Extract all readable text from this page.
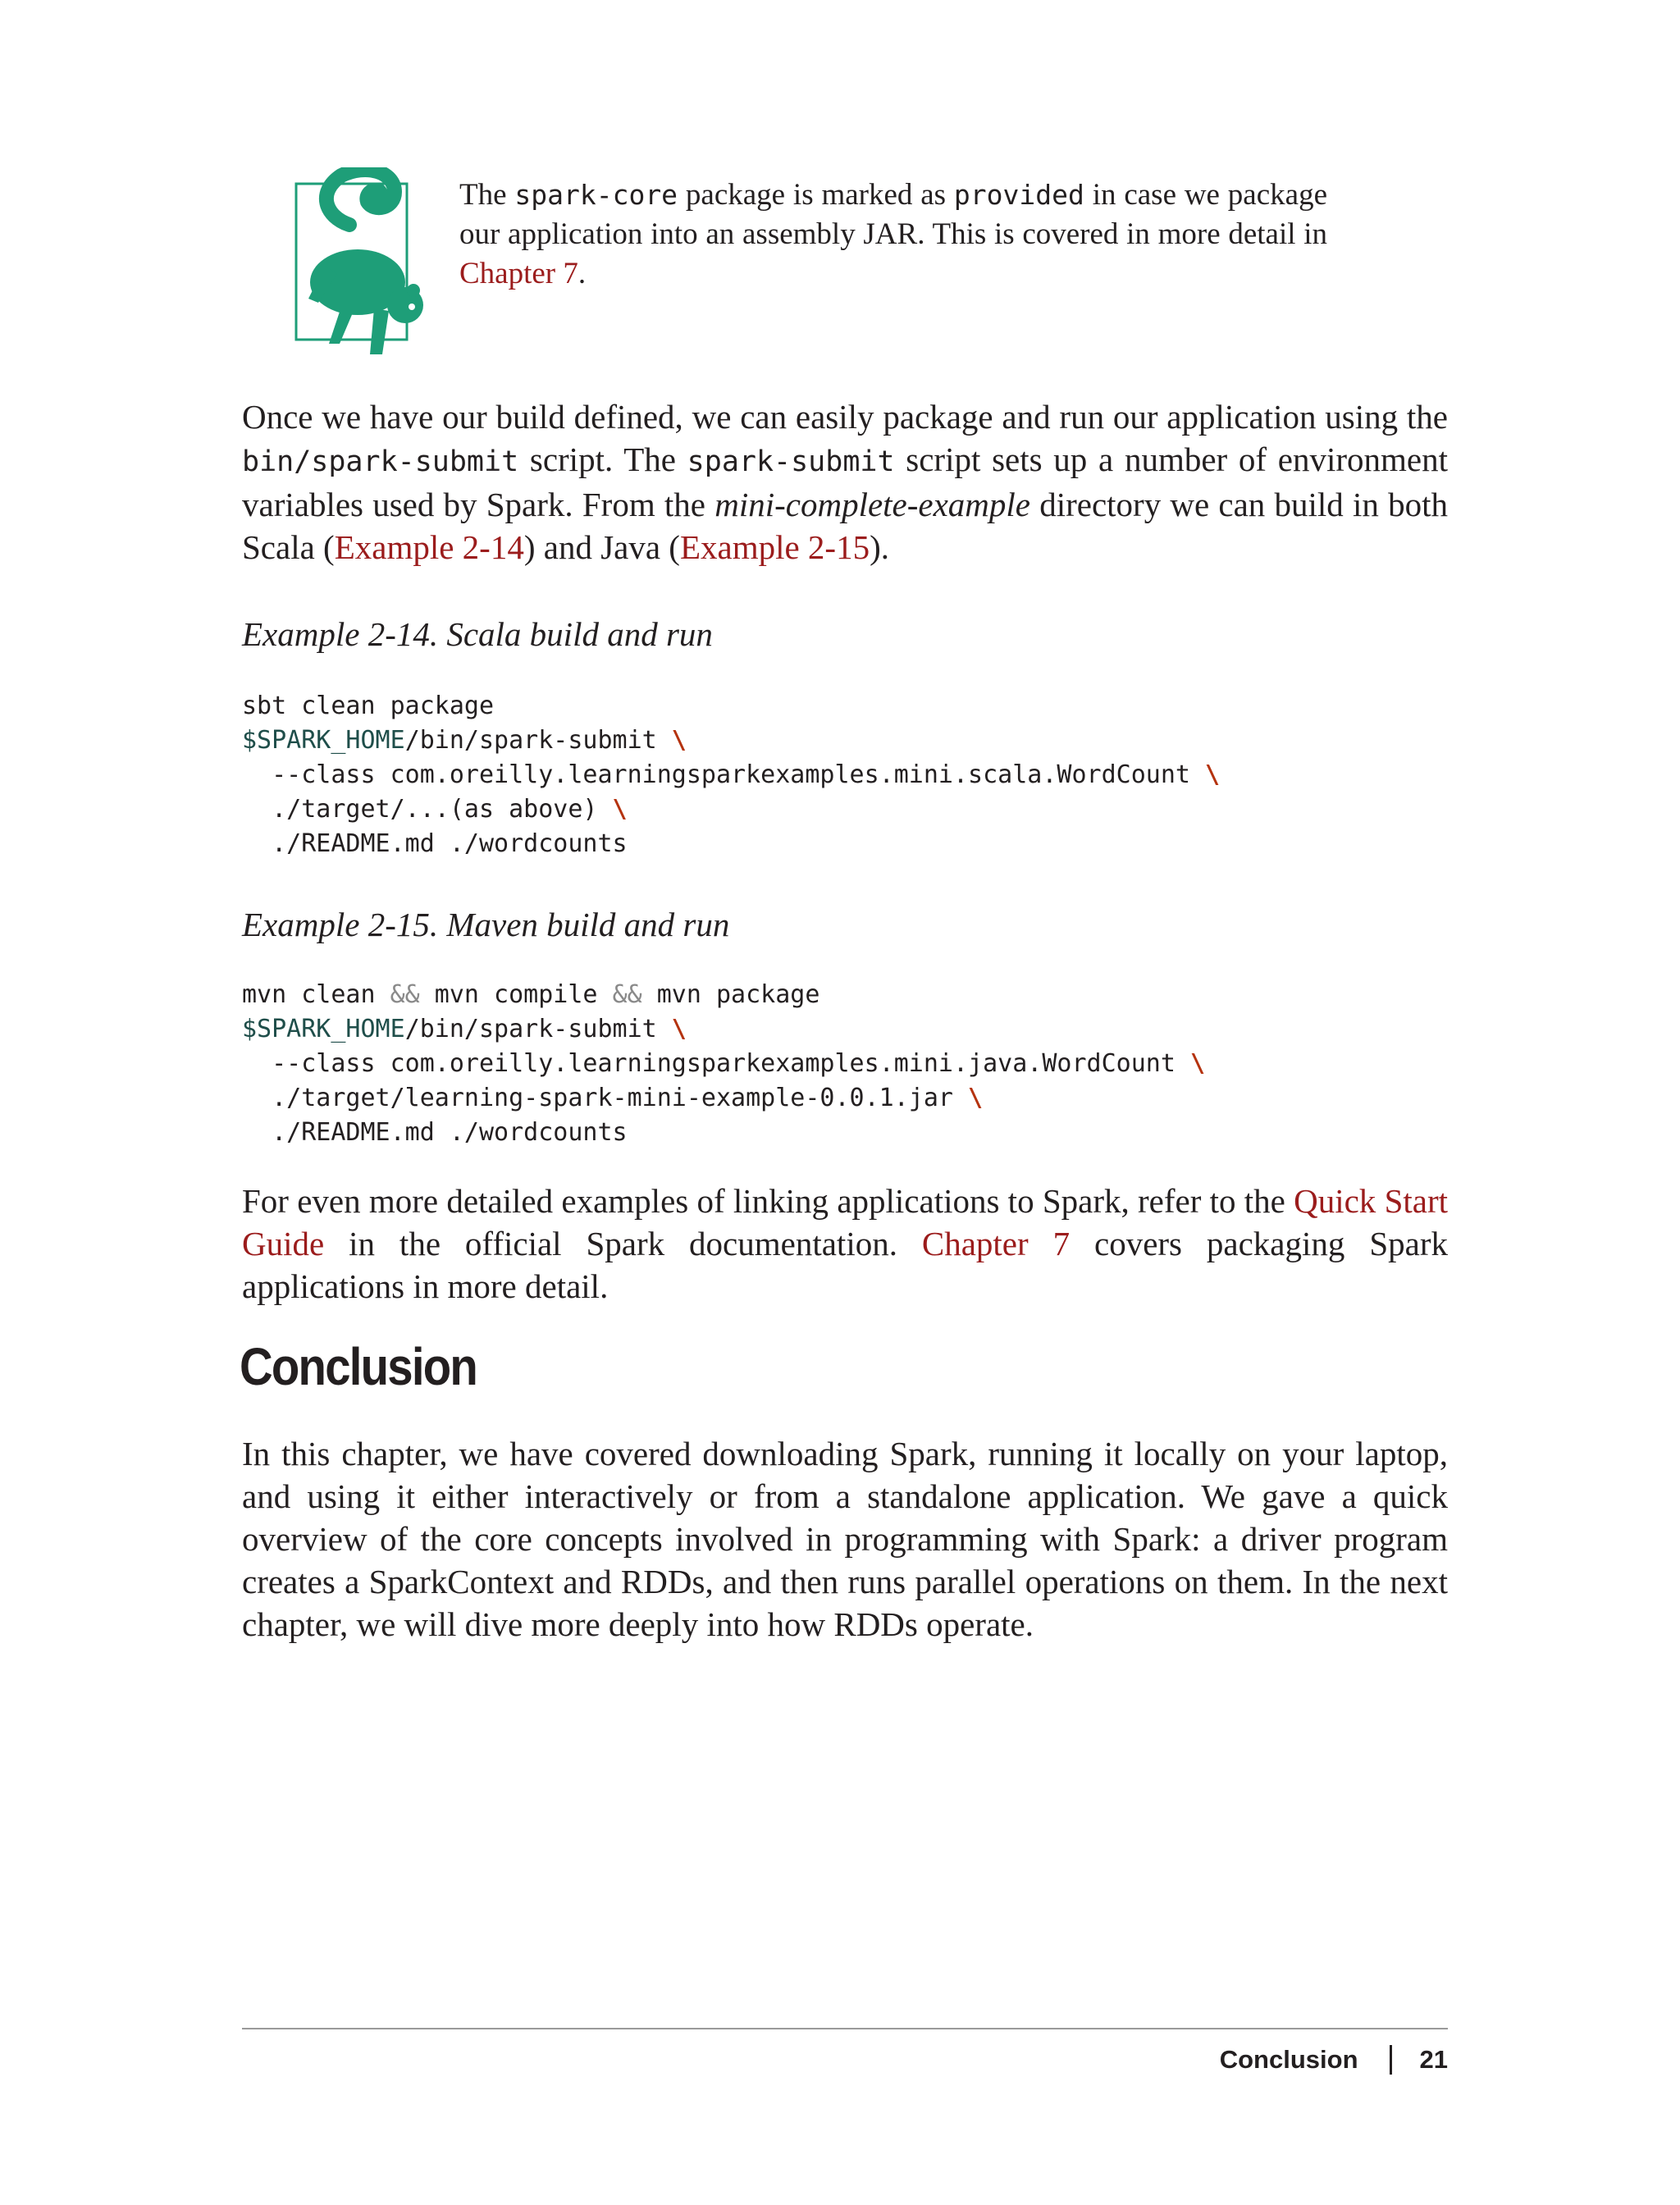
The spark-core package is marked as provided in case we package our application into an assembly JAR. This is covered in more detail in Chapter 7.
Once we have our build defined, we can easily package and run our application using the bin/spark-submit script. The spark-submit script sets up a number of environment variables used by Spark. From the mini-complete-example directory we can build in both Scala (Example 2-14) and Java (Example 2-15).
Example 2-14. Scala build and run
sbt clean package
$SPARK_HOME/bin/spark-submit \
--class com.oreilly.learningsparkexamples.mini.scala.WordCount \
./target/...(as above) \
./README.md ./wordcounts
Example 2-15. Maven build and run
mvn clean && mvn compile && mvn package
$SPARK_HOME/bin/spark-submit \
--class com.oreilly.learningsparkexamples.mini.java.WordCount \
./target/learning-spark-mini-example-0.0.1.jar \
./README.md ./wordcounts
For even more detailed examples of linking applications to Spark, refer to the Quick Start Guide in the official Spark documentation. Chapter 7 covers packaging Spark applications in more detail.
Conclusion
In this chapter, we have covered downloading Spark, running it locally on your laptop, and using it either interactively or from a standalone application. We gave a quick overview of the core concepts involved in programming with Spark: a driver program creates a SparkContext and RDDs, and then runs parallel operations on them. In the next chapter, we will dive more deeply into how RDDs operate.
Conclusion 21
